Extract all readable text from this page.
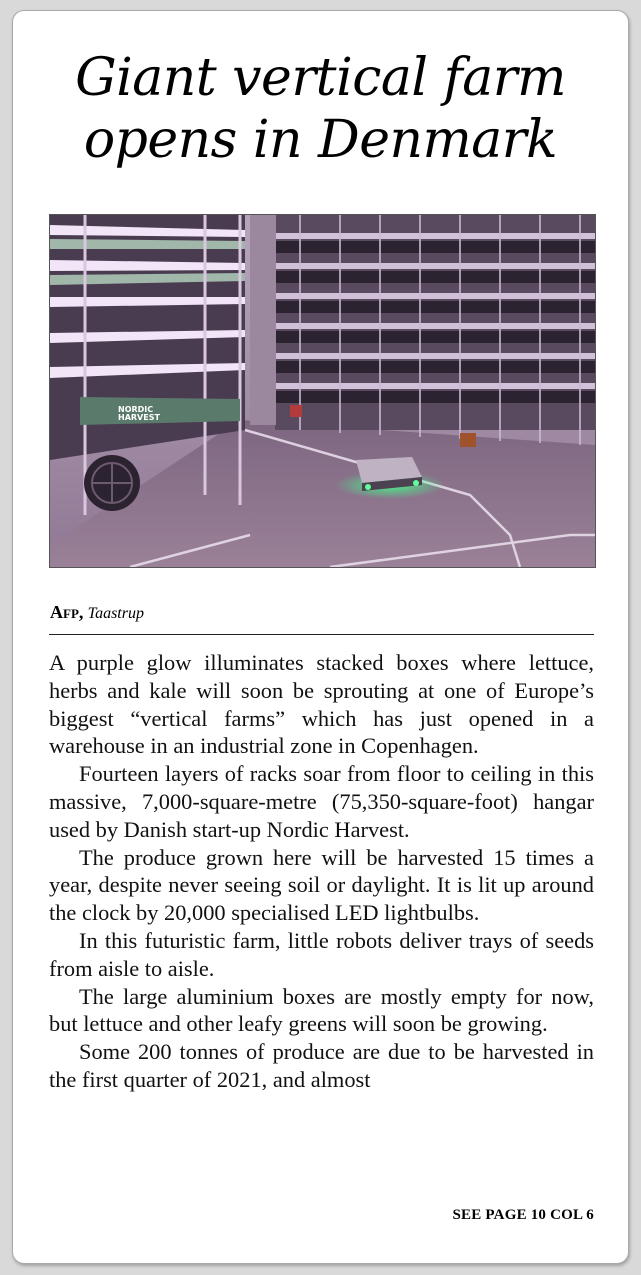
Giant vertical farm
opens in Denmark
NORDIC
HARVEST
Afp, Taastrup

A purple glow illuminates stacked boxes where lettuce, herbs and kale will soon be sprouting at one of Europe’s biggest “vertical farms” which has just opened in a warehouse in an industrial zone in Copenhagen.

Fourteen layers of racks soar from floor to ceiling in this massive, 7,000-square-metre (75,350-square-foot) hangar used by Danish start-up Nordic Harvest.

The produce grown here will be harvested 15 times a year, despite never seeing soil or daylight. It is lit up around the clock by 20,000 specialised LED lightbulbs.

In this futuristic farm, little robots deliver trays of seeds from aisle to aisle.

The large aluminium boxes are mostly empty for now, but lettuce and other leafy greens will soon be growing.

Some 200 tonnes of produce are due to be harvested in the first quarter of 2021, and almost

SEE PAGE 10 COL 6
